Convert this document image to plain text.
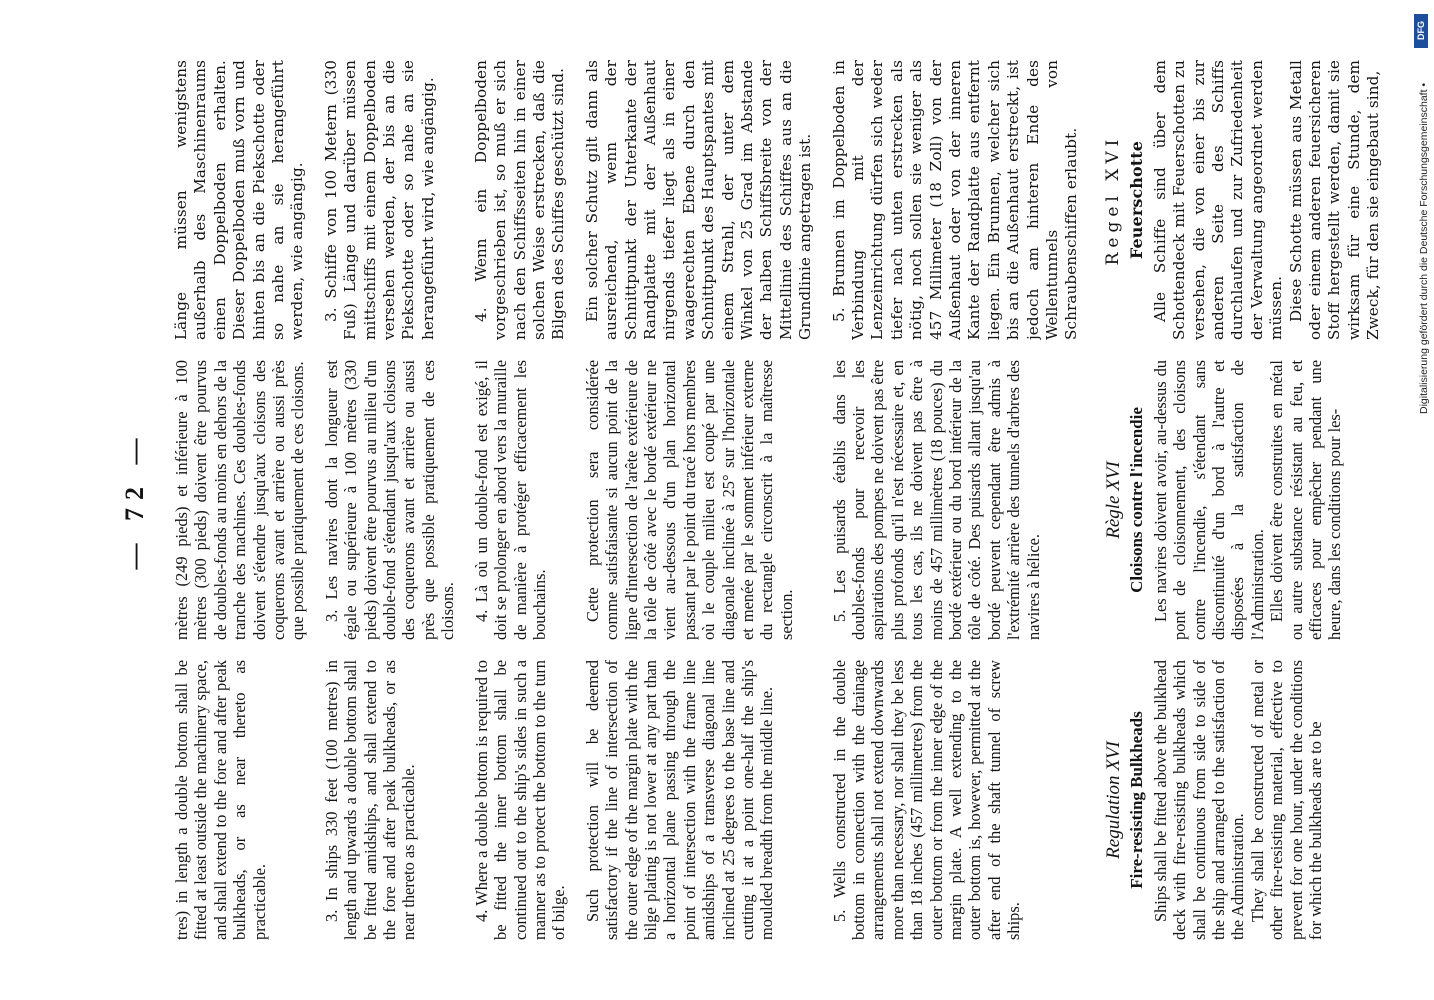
— 72 —

tres) in length a double bottom shall be fitted at least outside the machinery space, and shall extend to the fore and after peak bulkheads, or as near thereto as practicable.

mètres (249 pieds) et inférieure à 100 mètres (300 pieds) doivent être pourvus de doubles-fonds au moins en dehors de la tranche des machines. Ces doubles-fonds doivent s'étendre jusqu'aux cloisons des coquerons avant et arrière ou aussi près que possible pratiquement de ces cloisons.

Länge müssen wenigstens außerhalb des Maschinenraums einen Doppelboden erhalten. Dieser Doppelboden muß vorn und hinten bis an die Piekschotte oder so nahe an sie herangeführt werden, wie angängig.

3. In ships 330 feet (100 metres) in length and upwards a double bottom shall be fitted amidships, and shall extend to the fore and after peak bulkheads, or as near thereto as practicable.

3. Les navires dont la longueur est égale ou supérieure à 100 mètres (330 pieds) doivent être pourvus au milieu d'un double-fond s'étendant jusqu'aux cloisons des coquerons avant et arrière ou aussi près que possible pratiquement de ces cloisons.

3. Schiffe von 100 Metern (330 Fuß) Länge und darüber müssen mittschiffs mit einem Doppelboden versehen werden, der bis an die Piekschotte oder so nahe an sie herangeführt wird, wie angängig.

4. Where a double bottom is required to be fitted the inner bottom shall be continued out to the ship's sides in such a manner as to protect the bottom to the turn of bilge.

4. Là où un double-fond est exigé, il doit se prolonger en abord vers la muraille de manière à protéger efficacement les bouchains.

4. Wenn ein Doppelboden vorgeschrieben ist, so muß er sich nach den Schiffsseiten hin in einer solchen Weise erstrecken, daß die Bilgen des Schiffes geschützt sind.

Such protection will be deemed satisfactory if the line of intersection of the outer edge of the margin plate with the bilge plating is not lower at any part than a horizontal plane passing through the point of intersection with the frame line amidships of a transverse diagonal line inclined at 25 degrees to the base line and cutting it at a point one-half the ship's moulded breadth from the middle line.

Cette protection sera considérée comme satisfaisante si aucun point de la ligne d'intersection de l'arête extérieure de la tôle de côté avec le bordé extérieur ne vient au-dessous d'un plan horizontal passant par le point du tracé hors membres où le couple milieu est coupé par une diagonale inclinée à 25° sur l'horizontale et menée par le sommet inférieur externe du rectangle circonscrit à la maîtresse section.

Ein solcher Schutz gilt dann als ausreichend, wenn der Schnittpunkt der Unterkante der Randplatte mit der Außenhaut nirgends tiefer liegt als in einer waagerechten Ebene durch den Schnittpunkt des Hauptspantes mit einem Strahl, der unter dem Winkel von 25 Grad im Abstande der halben Schiffsbreite von der Mittellinie des Schiffes aus an die Grundlinie angetragen ist.

5. Wells constructed in the double bottom in connection with the drainage arrangements shall not extend downwards more than necessary, nor shall they be less than 18 inches (457 millimetres) from the outer bottom or from the inner edge of the margin plate. A well extending to the outer bottom is, however, permitted at the after end of the shaft tunnel of screw ships.

5. Les puisards établis dans les doubles-fonds pour recevoir les aspirations des pompes ne doivent pas être plus profonds qu'il n'est nécessaire et, en tous les cas, ils ne doivent pas être à moins de 457 millimètres (18 pouces) du bordé extérieur ou du bord intérieur de la tôle de côté. Des puisards allant jusqu'au bordé peuvent cependant être admis à l'extrémité arrière des tunnels d'arbres des navires à hélice.

5. Brunnen im Doppelboden in Verbindung mit der Lenzeinrichtung dürfen sich weder tiefer nach unten erstrecken als nötig, noch sollen sie weniger als 457 Millimeter (18 Zoll) von der Außenhaut oder von der inneren Kante der Randplatte aus entfernt liegen. Ein Brunnen, welcher sich bis an die Außenhaut erstreckt, ist jedoch am hinteren Ende des Wellentunnels von Schraubenschiffen erlaubt.

Regulation XVI Fire-resisting Bulkheads Ships shall be fitted above the bulkhead deck with fire-resisting bulkheads which shall be continuous from side to side of the ship and arranged to the satisfaction of the Administration. They shall be constructed of metal or other fire-resisting material, effective to prevent for one hour, under the conditions for which the bulkheads are to be

Règle XVI Cloisons contre l'incendie Les navires doivent avoir, au-dessus du pont de cloisonnement, des cloisons contre l'incendie, s'étendant sans discontinuité d'un bord à l'autre et disposées à la satisfaction de l'Administration. Elles doivent être construites en métal ou autre substance résistant au feu, et efficaces pour empêcher pendant une heure, dans les conditions pour les-

Regel XVI Feuerschotte Alle Schiffe sind über dem Schottendeck mit Feuerschotten zu versehen, die von einer bis zur anderen Seite des Schiffs durchlaufen und zur Zufriedenheit der Verwaltung angeordnet werden müssen. Diese Schotte müssen aus Metall oder einem anderen feuersicheren Stoff hergestellt werden, damit sie wirksam für eine Stunde, dem Zweck, für den sie eingebaut sind,

DFG
Digitalisierung gefördert durch die Deutsche Forschungsgemeinschaft •
